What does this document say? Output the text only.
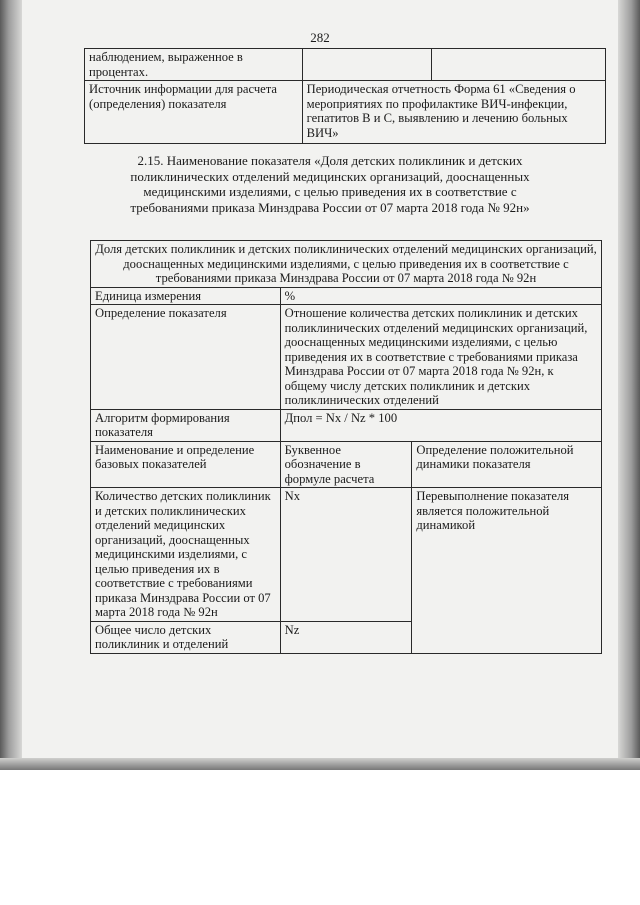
282
наблюдением, выраженное в процентах.		
Источник информации для расчета (определения) показателя	Периодическая отчетность Форма 61 «Сведения о мероприятиях по профилактике ВИЧ-инфекции, гепатитов В и С, выявлению и лечению больных ВИЧ»	
2.15. Наименование показателя «Доля детских поликлиник и детских поликлинических отделений медицинских организаций, дооснащенных медицинскими изделиями, с целью приведения их в соответствие с требованиями приказа Минздрава России от 07 марта 2018 года № 92н»
Доля детских поликлиник и детских поликлинических отделений медицинских организаций, дооснащенных медицинскими изделиями, с целью приведения их в соответствие с требованиями приказа Минздрава России от 07 марта 2018 года № 92н		
Единица измерения	%	
Определение показателя	Отношение количества детских поликлиник и детских поликлинических отделений медицинских организаций, дооснащенных медицинскими изделиями, с целью приведения их в соответствие с требованиями приказа Минздрава России от 07 марта 2018 года № 92н, к общему числу детских поликлиник и детских поликлинических отделений	
Алгоритм формирования показателя	Дпол = Nx / Nz * 100	
Наименование и определение базовых показателей	Буквенное обозначение в формуле расчета	Определение положительной динамики показателя
Количество детских поликлиник и детских поликлинических отделений медицинских организаций, дооснащенных медицинскими изделиями, с целью приведения их в соответствие с требованиями приказа Минздрава России от 07 марта 2018 года № 92н	Nx	Перевыполнение показателя является положительной динамикой
Общее число детских поликлиник и отделений	Nz	
